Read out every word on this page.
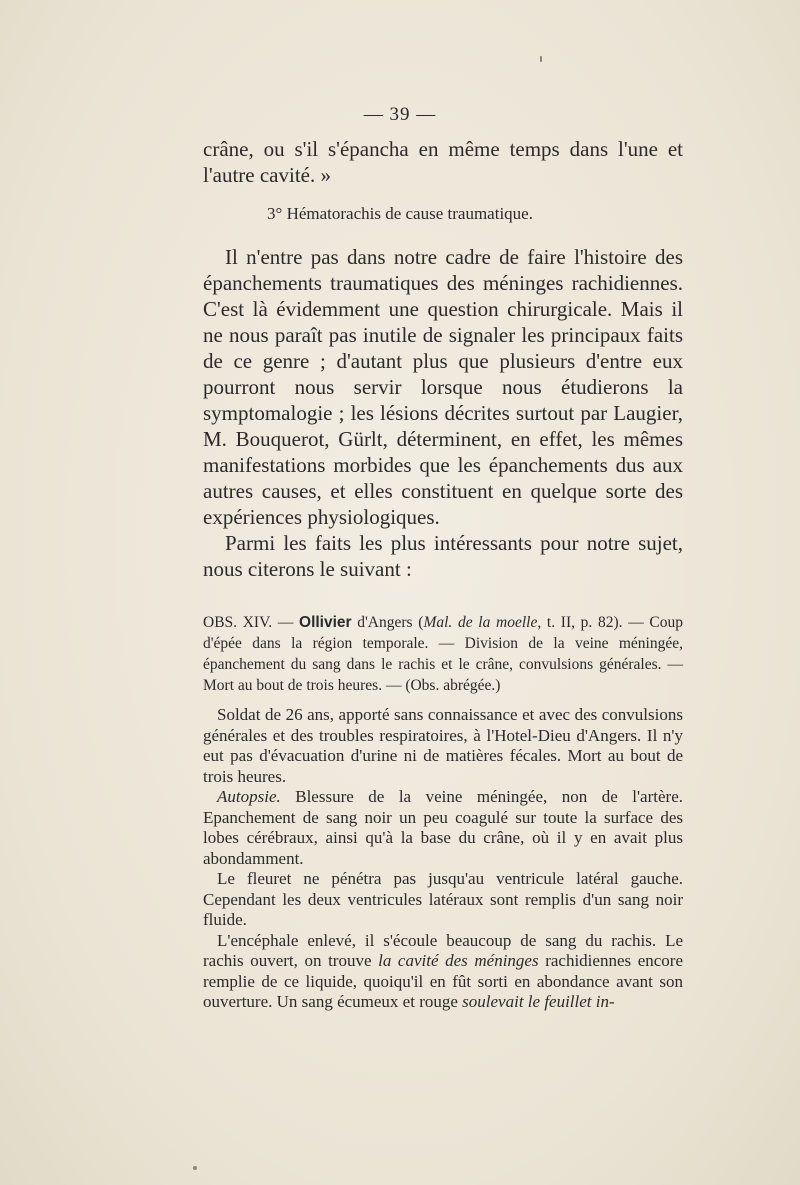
— 39 —

crâne, ou s'il s'épancha en même temps dans l'une et

l'autre cavité. »

3° Hématorachis de cause traumatique.

Il n'entre pas dans notre cadre de faire l'histoire des épanchements traumatiques des méninges rachidiennes. C'est là évidemment une question chirurgicale. Mais il ne nous paraît pas inutile de signaler les principaux faits de ce genre ; d'autant plus que plusieurs d'entre eux pourront nous servir lorsque nous étudierons la symptomalogie ; les lésions décrites surtout par Laugier, M. Bouquerot, Gürlt, déterminent, en effet, les mêmes manifestations morbides que les épanchements dus aux autres causes, et elles constituent en quelque sorte des expériences physiologiques.

Parmi les faits les plus intéressants pour notre sujet, nous citerons le suivant :

OBS. XIV. — Ollivier d'Angers (Mal. de la moelle, t. II, p. 82). — Coup d'épée dans la région temporale. — Division de la veine méningée, épanchement du sang dans le rachis et le crâne, convulsions générales. — Mort au bout de trois heures. — (Obs. abrégée.)

Soldat de 26 ans, apporté sans connaissance et avec des convulsions générales et des troubles respiratoires, à l'Hotel-Dieu d'Angers. Il n'y eut pas d'évacuation d'urine ni de matières fécales. Mort au bout de trois heures.

Autopsie. Blessure de la veine méningée, non de l'artère. Epanchement de sang noir un peu coagulé sur toute la surface des lobes cérébraux, ainsi qu'à la base du crâne, où il y en avait plus abondamment.

Le fleuret ne pénétra pas jusqu'au ventricule latéral gauche. Cependant les deux ventricules latéraux sont remplis d'un sang noir fluide.

L'encéphale enlevé, il s'écoule beaucoup de sang du rachis. Le rachis ouvert, on trouve la cavité des méninges rachidiennes encore remplie de ce liquide, quoiqu'il en fût sorti en abondance avant son ouverture. Un sang écumeux et rouge soulevait le feuillet in-
